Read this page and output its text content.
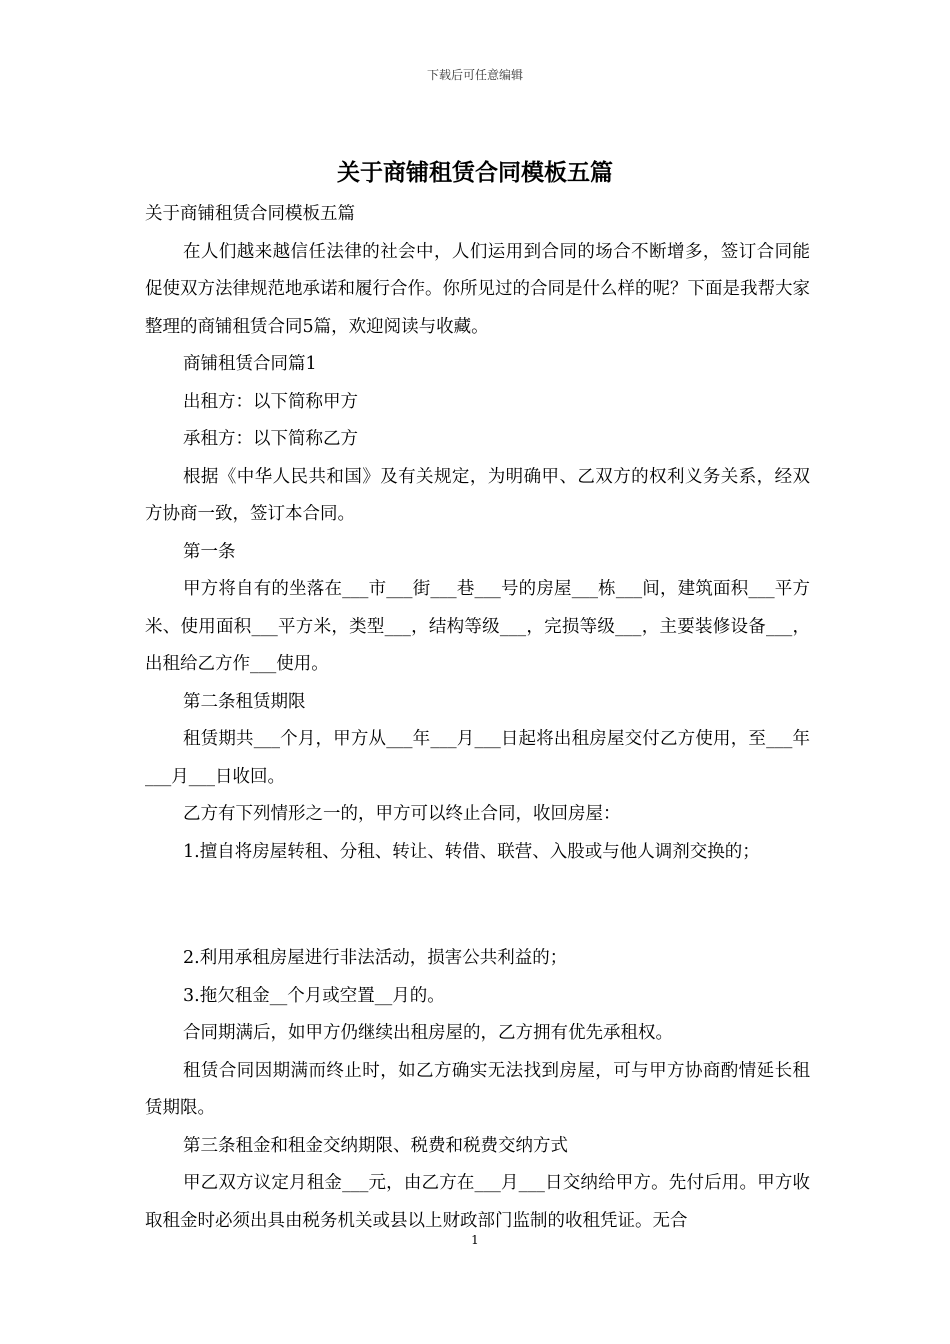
下载后可任意编辑
关于商铺租赁合同模板五篇

关于商铺租赁合同模板五篇

在人们越来越信任法律的社会中，人们运用到合同的场合不断增多，签订合同能促使双方法律规范地承诺和履行合作。你所见过的合同是什么样的呢？下面是我帮大家整理的商铺租赁合同5篇，欢迎阅读与收藏。

商铺租赁合同篇1

出租方：以下简称甲方

承租方：以下简称乙方

根据《中华人民共和国》及有关规定，为明确甲、乙双方的权利义务关系，经双方协商一致，签订本合同。

第一条

甲方将自有的坐落在___市___街___巷___号的房屋___栋___间，建筑面积___平方米、使用面积___平方米，类型___，结构等级___，完损等级___，主要装修设备___，出租给乙方作___使用。

第二条租赁期限

租赁期共___个月，甲方从___年___月___日起将出租房屋交付乙方使用，至___年___月___日收回。

乙方有下列情形之一的，甲方可以终止合同，收回房屋：

1.擅自将房屋转租、分租、转让、转借、联营、入股或与他人调剂交换的；

2.利用承租房屋进行非法活动，损害公共利益的；

3.拖欠租金__个月或空置__月的。

合同期满后，如甲方仍继续出租房屋的，乙方拥有优先承租权。

租赁合同因期满而终止时，如乙方确实无法找到房屋，可与甲方协商酌情延长租赁期限。

第三条租金和租金交纳期限、税费和税费交纳方式

甲乙双方议定月租金___元，由乙方在___月___日交纳给甲方。先付后用。甲方收取租金时必须出具由税务机关或县以上财政部门监制的收租凭证。无合

1
